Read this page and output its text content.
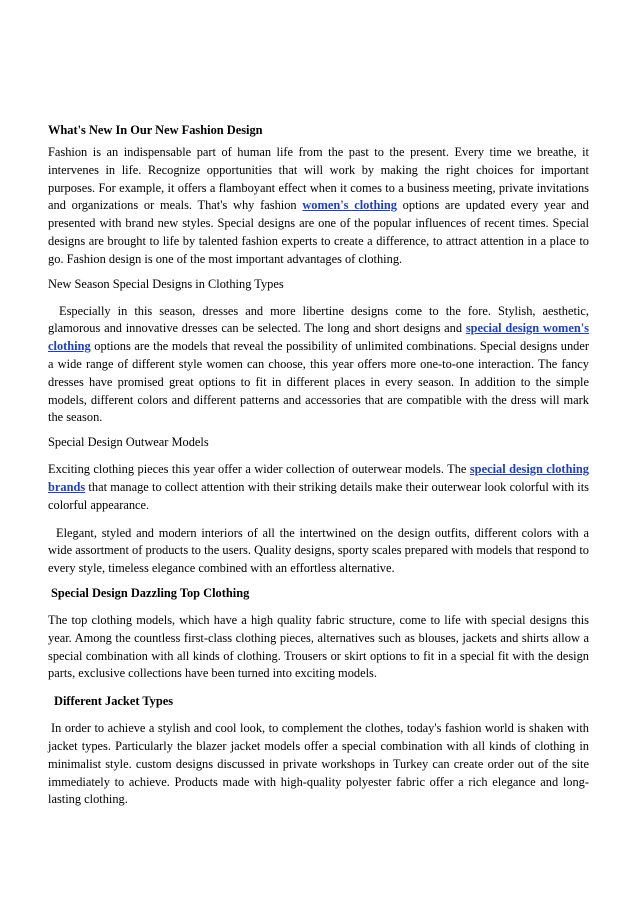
What's New In Our New Fashion Design

Fashion is an indispensable part of human life from the past to the present. Every time we breathe, it intervenes in life. Recognize opportunities that will work by making the right choices for important purposes. For example, it offers a flamboyant effect when it comes to a business meeting, private invitations and organizations or meals. That's why fashion women's clothing options are updated every year and presented with brand new styles. Special designs are one of the popular influences of recent times. Special designs are brought to life by talented fashion experts to create a difference, to attract attention in a place to go. Fashion design is one of the most important advantages of clothing.

New Season Special Designs in Clothing Types

Especially in this season, dresses and more libertine designs come to the fore. Stylish, aesthetic, glamorous and innovative dresses can be selected. The long and short designs and special design women's clothing options are the models that reveal the possibility of unlimited combinations. Special designs under a wide range of different style women can choose, this year offers more one-to-one interaction. The fancy dresses have promised great options to fit in different places in every season. In addition to the simple models, different colors and different patterns and accessories that are compatible with the dress will mark the season.

Special Design Outwear Models

Exciting clothing pieces this year offer a wider collection of outerwear models. The special design clothing brands that manage to collect attention with their striking details make their outerwear look colorful with its colorful appearance.

Elegant, styled and modern interiors of all the intertwined on the design outfits, different colors with a wide assortment of products to the users. Quality designs, sporty scales prepared with models that respond to every style, timeless elegance combined with an effortless alternative.

Special Design Dazzling Top Clothing

The top clothing models, which have a high quality fabric structure, come to life with special designs this year. Among the countless first-class clothing pieces, alternatives such as blouses, jackets and shirts allow a special combination with all kinds of clothing. Trousers or skirt options to fit in a special fit with the design parts, exclusive collections have been turned into exciting models.

Different Jacket Types

In order to achieve a stylish and cool look, to complement the clothes, today's fashion world is shaken with jacket types. Particularly the blazer jacket models offer a special combination with all kinds of clothing in minimalist style. custom designs discussed in private workshops in Turkey can create order out of the site immediately to achieve. Products made with high-quality polyester fabric offer a rich elegance and long-lasting clothing.
